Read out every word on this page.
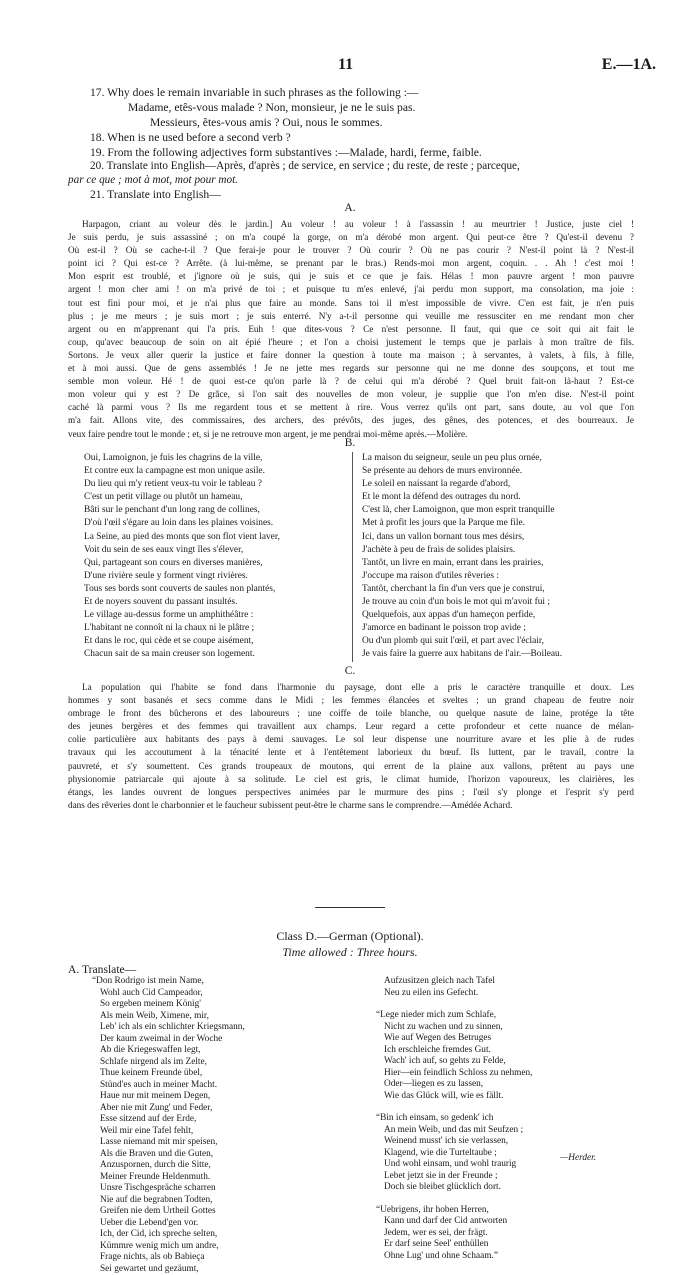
11	E.—1A.
17. Why does le remain invariable in such phrases as the following :—
Madame, etês-vous malade ? Non, monsieur, je ne le suis pas.
Messieurs, êtes-vous amis ? Oui, nous le sommes.
18. When is ne used before a second verb ?
19. From the following adjectives form substantives :—Malade, hardi, ferme, faible.
20. Translate into English—Après, d'après ; de service, en service ; du reste, de reste ; parceque,
par ce que ; mot à mot, mot pour mot.
21. Translate into English—
A.
Harpagon, criant au voleur dès le jardin.] Au voleur ! au voleur ! à l'assassin ! au meurtrier ! Justice, juste ciel !
Je suis perdu, je suis assassiné ; on m'a coupé la gorge, on m'a dérobé mon argent. Qui peut-ce être ? Qu'est-il devenu ?
Où est-il ? Où se cache-t-il ? Que ferai-je pour le trouver ? Où courir ? Où ne pas courir ? N'est-il point là ? N'est-il
point ici ? Qui est-ce ? Arrête. (à lui-même, se prenant par le bras.) Rends-moi mon argent, coquin. . . Ah ! c'est moi !
Mon esprit est troublé, et j'ignore où je suis, qui je suis et ce que je fais. Hélas ! mon pauvre argent ! mon pauvre
argent ! mon cher ami ! on m'a privé de toi ; et puisque tu m'es enlevé, j'ai perdu mon support, ma consolation, ma joie :
tout est fini pour moi, et je n'ai plus que faire au monde. Sans toi il m'est impossible de vivre. C'en est fait, je n'en puis
plus ; je me meurs ; je suis mort ; je suis enterré. N'y a-t-il personne qui veuille me ressusciter en me rendant mon cher
argent ou en m'apprenant qui l'a pris. Euh ! que dites-vous ? Ce n'est personne. Il faut, qui que ce soit qui ait fait le
coup, qu'avec beaucoup de soin on ait épié l'heure ; et l'on a choisi justement le temps que je parlais à mon traître de fils.
Sortons. Je veux aller querir la justice et faire donner la question à toute ma maison ; à servantes, à valets, à fils, à fille,
et à moi aussi. Que de gens assemblés ! Je ne jette mes regards sur personne qui ne me donne des soupçons, et tout me
semble mon voleur. Hé ! de quoi est-ce qu'on parle là ? de celui qui m'a dérobé ? Quel bruit fait-on là-haut ? Est-ce
mon voleur qui y est ? De grâce, si l'on sait des nouvelles de mon voleur, je supplie que l'on m'en dise. N'est-il point
caché là parmi vous ? Ils me regardent tous et se mettent à rire. Vous verrez qu'ils ont part, sans doute, au vol que l'on
m'a fait. Allons vite, des commissaires, des archers, des prévôts, des juges, des gênes, des potences, et des bourreaux. Je
veux faire pendre tout le monde ; et, si je ne retrouve mon argent, je me pendrai moi-même après.—Molière.
B.
Oui, Lamoignon, je fuis les chagrins de la ville,
Et contre eux la campagne est mon unique asile.
Du lieu qui m'y retient veux-tu voir le tableau ?
C'est un petit village ou plutôt un hameau,
Bâti sur le penchant d'un long rang de collines,
D'où l'œil s'égare au loin dans les plaines voisines.
La Seine, au pied des monts que son flot vient laver,
Voit du sein de ses eaux vingt îles s'élever,
Qui, partageant son cours en diverses manières,
D'une rivière seule y forment vingt rivières.
Tous ses bords sont couverts de saules non plantés,
Et de noyers souvent du passant insultés.
Le village au-dessus forme un amphithéâtre :
L'habitant ne connoît ni la chaux ni le plâtre ;
Et dans le roc, qui cède et se coupe aisément,
Chacun sait de sa main creuser son logement.
La maison du seigneur, seule un peu plus ornée,
Se présente au dehors de murs environnée.
Le soleil en naissant la regarde d'abord,
Et le mont la défend des outrages du nord.
C'est là, cher Lamoignon, que mon esprit tranquille
Met à profit les jours que la Parque me file.
Ici, dans un vallon bornant tous mes désirs,
J'achète à peu de frais de solides plaisirs.
Tantôt, un livre en main, errant dans les prairies,
J'occupe ma raison d'utiles rêveries :
Tantôt, cherchant la fin d'un vers que je construi,
Je trouve au coin d'un bois le mot qui m'avoit fui ;
Quelquefois, aux appas d'un hameçon perfide,
J'amorce en badinant le poisson trop avide ;
Ou d'un plomb qui suit l'œil, et part avec l'éclair,
Je vais faire la guerre aux habitans de l'air.—Boileau.
C.
La population qui l'habite se fond dans l'harmonie du paysage, dont elle a pris le caractère tranquille et doux. Les
hommes y sont basanés et secs comme dans le Midi ; les femmes élancées et sveltes ; un grand chapeau de feutre noir
ombrage le front des bûcherons et des laboureurs ; une coiffe de toile blanche, ou quelque nasute de laine, protége la tête
des jeunes bergères et des femmes qui travaillent aux champs. Leur regard a cette profondeur et cette nuance de mélan-
colie particulière aux habitants des pays à demi sauvages. Le sol leur dispense une nourriture avare et les plie à de rudes
travaux qui les accoutument à la ténacité lente et à l'entêtement laborieux du bœuf. Ils luttent, par le travail, contre la
pauvreté, et s'y soumettent. Ces grands troupeaux de moutons, qui errent de la plaine aux vallons, prêtent au pays une
physionomie patriarcale qui ajoute à sa solitude. Le ciel est gris, le climat humide, l'horizon vapoureux, les clairières, les
étangs, les landes ouvrent de longues perspectives animées par le murmure des pins ; l'œil s'y plonge et l'esprit s'y perd
dans des rêveries dont le charbonnier et le faucheur subissent peut-être le charme sans le comprendre.—Amédée Achard.
Class D.—German (Optional).
Time allowed : Three hours.
A. Translate—
“Don Rodrigo ist mein Name,
Wohl auch Cid Campeador,
So ergeben meinem König'
Als mein Weib, Ximene, mir,
Leb' ich als ein schlichter Kriegsmann,
Der kaum zweimal in der Woche
Ab die Kriegeswaffen legt,
Schlafe nirgend als im Zelte,
Thue keinem Freunde übel,
Stünd'es auch in meiner Macht.
Haue nur mit meinem Degen,
Aber nie mit Zung' und Feder,
Esse sitzend auf der Erde,
Weil mir eine Tafel fehlt,
Lasse niemand mit mir speisen,
Als die Braven und die Guten,
Anzuspornen, durch die Sitte,
Meiner Freunde Heldenmuth.
Unsre Tischgespräche scharren
Nie auf die begrabnen Todten,
Greifen nie dem Urtheil Gottes
Ueber die Lebend'gen vor.
Ich, der Cid, ich spreche selten,
Kümmre wenig mich um andre,
Frage nichts, als ob Babieça
Sei gewartet und gezäumt,
Aufzusitzen gleich nach Tafel
Neu zu eilen ins Gefecht.
“Lege nieder mich zum Schlafe,
Nicht zu wachen und zu sinnen,
Wie auf Wegen des Betruges
Ich erschleiche fremdes Gut.
Wach' ich auf, so gehts zu Felde,
Hier—ein feindlich Schloss zu nehmen,
Oder—liegen es zu lassen,
Wie das Glück will, wie es fällt.
“Bin ich einsam, so gedenk' ich
An mein Weib, und das mit Seufzen ;
Weinend musst' ich sie verlassen,
Klagend, wie die Turteltaube ;
Und wohl einsam, und wohl traurig
Lebet jetzt sie in der Freunde ;
Doch sie bleibet glücklich dort.
“Uebrigens, ihr hoben Herren,
Kann und darf der Cid antworten
Jedem, wer es sei, der frägt.
Er darf seine Seel' enthüllen
Ohne Lug' und ohne Schaam.”
—Herder.
